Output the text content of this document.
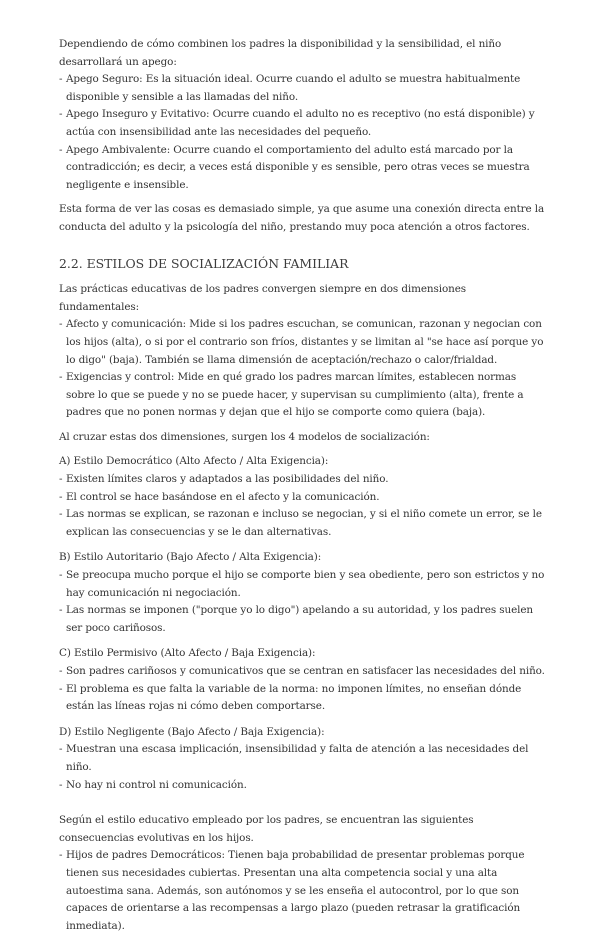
Dependiendo de cómo combinen los padres la disponibilidad y la sensibilidad, el niño desarrollará un apego:

- Apego Seguro: Es la situación ideal. Ocurre cuando el adulto se muestra habitualmente disponible y sensible a las llamadas del niño.
- Apego Inseguro y Evitativo: Ocurre cuando el adulto no es receptivo (no está disponible) y actúa con insensibilidad ante las necesidades del pequeño.
- Apego Ambivalente: Ocurre cuando el comportamiento del adulto está marcado por la contradicción; es decir, a veces está disponible y es sensible, pero otras veces se muestra negligente e insensible.

Esta forma de ver las cosas es demasiado simple, ya que asume una conexión directa entre la conducta del adulto y la psicología del niño, prestando muy poca atención a otros factores.

2.2. ESTILOS DE SOCIALIZACIÓN FAMILIAR

Las prácticas educativas de los padres convergen siempre en dos dimensiones fundamentales:

- Afecto y comunicación: Mide si los padres escuchan, se comunican, razonan y negocian con los hijos (alta), o si por el contrario son fríos, distantes y se limitan al "se hace así porque yo lo digo" (baja). También se llama dimensión de aceptación/rechazo o calor/frialdad.
- Exigencias y control: Mide en qué grado los padres marcan límites, establecen normas sobre lo que se puede y no se puede hacer, y supervisan su cumplimiento (alta), frente a padres que no ponen normas y dejan que el hijo se comporte como quiera (baja).

Al cruzar estas dos dimensiones, surgen los 4 modelos de socialización:

A) Estilo Democrático (Alto Afecto / Alta Exigencia):

- Existen límites claros y adaptados a las posibilidades del niño.
- El control se hace basándose en el afecto y la comunicación.
- Las normas se explican, se razonan e incluso se negocian, y si el niño comete un error, se le explican las consecuencias y se le dan alternativas.

B) Estilo Autoritario (Bajo Afecto / Alta Exigencia):

- Se preocupa mucho porque el hijo se comporte bien y sea obediente, pero son estrictos y no hay comunicación ni negociación.
- Las normas se imponen ("porque yo lo digo") apelando a su autoridad, y los padres suelen ser poco cariñosos.

C) Estilo Permisivo (Alto Afecto / Baja Exigencia):

- Son padres cariñosos y comunicativos que se centran en satisfacer las necesidades del niño.
- El problema es que falta la variable de la norma: no imponen límites, no enseñan dónde están las líneas rojas ni cómo deben comportarse.

D) Estilo Negligente (Bajo Afecto / Baja Exigencia):

- Muestran una escasa implicación, insensibilidad y falta de atención a las necesidades del niño.
- No hay ni control ni comunicación.

Según el estilo educativo empleado por los padres, se encuentran las siguientes consecuencias evolutivas en los hijos.

- Hijos de padres Democráticos: Tienen baja probabilidad de presentar problemas porque tienen sus necesidades cubiertas. Presentan una alta competencia social y una alta autoestima sana. Además, son autónomos y se les enseña el autocontrol, por lo que son capaces de orientarse a las recompensas a largo plazo (pueden retrasar la gratificación inmediata).
